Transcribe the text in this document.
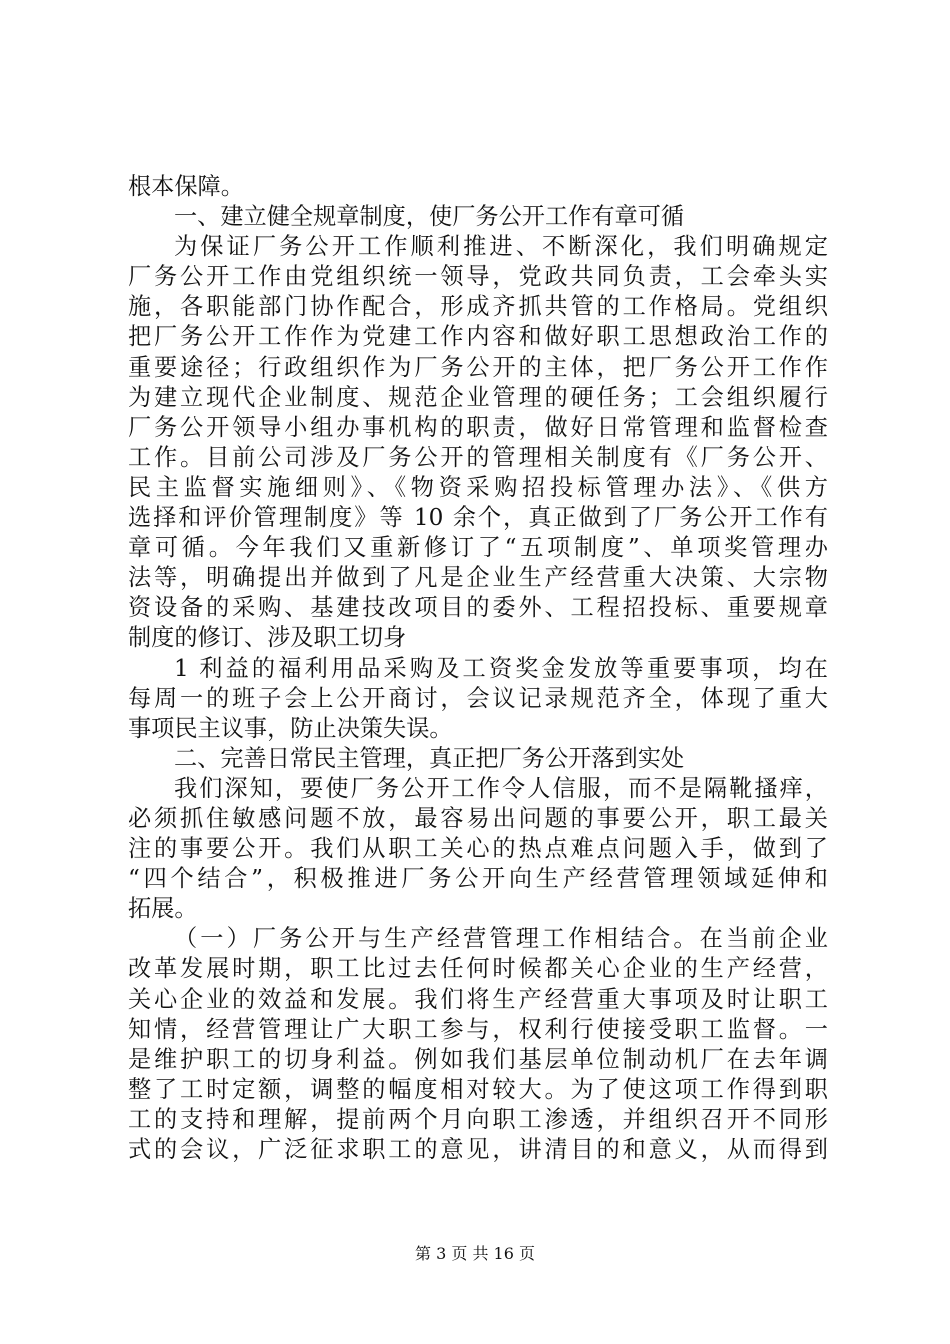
根本保障。
一、建立健全规章制度，使厂务公开工作有章可循
为保证厂务公开工作顺利推进、不断深化，我们明确规定
厂务公开工作由党组织统一领导，党政共同负责，工会牵头实
施，各职能部门协作配合，形成齐抓共管的工作格局。党组织
把厂务公开工作作为党建工作内容和做好职工思想政治工作的
重要途径；行政组织作为厂务公开的主体，把厂务公开工作作
为建立现代企业制度、规范企业管理的硬任务；工会组织履行
厂务公开领导小组办事机构的职责，做好日常管理和监督检查
工作。目前公司涉及厂务公开的管理相关制度有《厂务公开、
民主监督实施细则》、《物资采购招投标管理办法》、《供方
选择和评价管理制度》等 10 余个，真正做到了厂务公开工作有
章可循。今年我们又重新修订了“五项制度”、单项奖管理办
法等，明确提出并做到了凡是企业生产经营重大决策、大宗物
资设备的采购、基建技改项目的委外、工程招投标、重要规章
制度的修订、涉及职工切身
1 利益的福利用品采购及工资奖金发放等重要事项，均在
每周一的班子会上公开商讨，会议记录规范齐全，体现了重大
事项民主议事，防止决策失误。
二、完善日常民主管理，真正把厂务公开落到实处
我们深知，要使厂务公开工作令人信服，而不是隔靴搔痒，
必须抓住敏感问题不放，最容易出问题的事要公开，职工最关
注的事要公开。我们从职工关心的热点难点问题入手，做到了
“四个结合”，积极推进厂务公开向生产经营管理领域延伸和
拓展。
（一）厂务公开与生产经营管理工作相结合。在当前企业
改革发展时期，职工比过去任何时候都关心企业的生产经营，
关心企业的效益和发展。我们将生产经营重大事项及时让职工
知情，经营管理让广大职工参与，权利行使接受职工监督。一
是维护职工的切身利益。例如我们基层单位制动机厂在去年调
整了工时定额，调整的幅度相对较大。为了使这项工作得到职
工的支持和理解，提前两个月向职工渗透，并组织召开不同形
式的会议，广泛征求职工的意见，讲清目的和意义，从而得到
第 3 页 共 16 页
